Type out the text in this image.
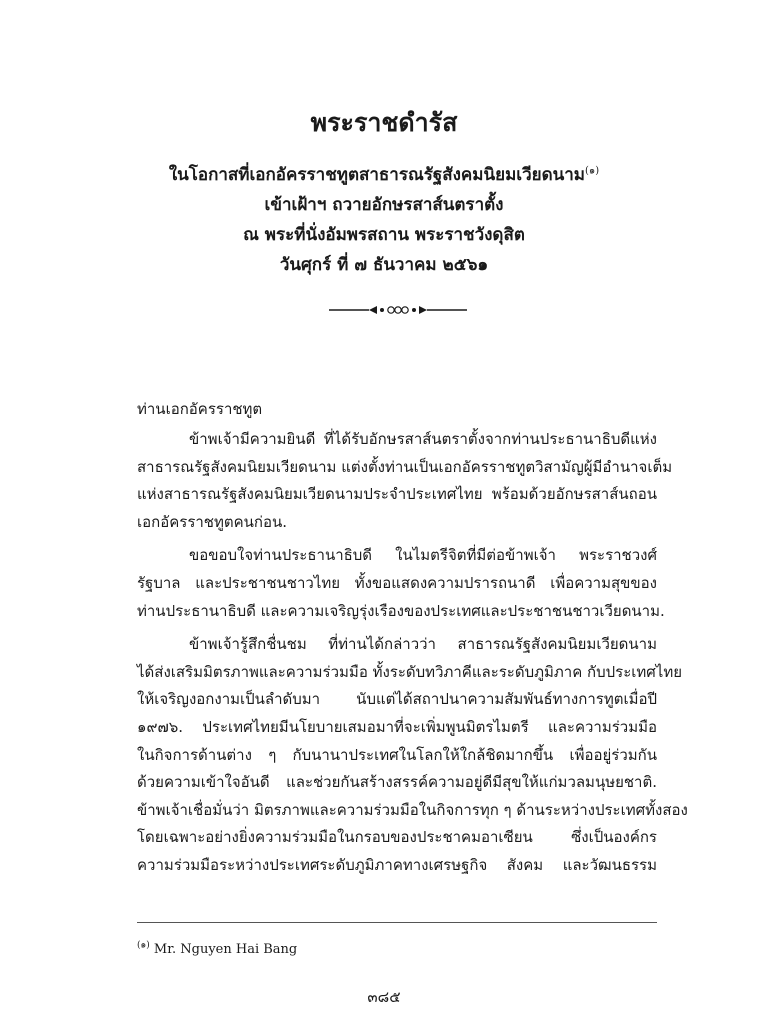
พระราชดำรัส
ในโอกาสที่เอกอัครราชทูตสาธารณรัฐสังคมนิยมเวียดนาม$^{(๑)}$
เข้าเฝ้าฯ ถวายอักษรสาส์นตราตั้ง
ณ พระที่นั่งอัมพรสถาน พระราชวังดุสิต
วันศุกร์ ที่ ๗ ธันวาคม ๒๕๖๑
ท่านเอกอัครราชทูต
ข้าพเจ้ามีความยินดี ที่ได้รับอักษรสาส์นตราตั้งจากท่านประธานาธิบดีแห่ง
สาธารณรัฐสังคมนิยมเวียดนาม แต่งตั้งท่านเป็นเอกอัครราชทูตวิสามัญผู้มีอำนาจเต็ม
แห่งสาธารณรัฐสังคมนิยมเวียดนามประจำประเทศไทย พร้อมด้วยอักษรสาส์นถอน
เอกอัครราชทูตคนก่อน.
ขอขอบใจท่านประธานาธิบดี ในไมตรีจิตที่มีต่อข้าพเจ้า พระราชวงศ์
รัฐบาล และประชาชนชาวไทย ทั้งขอแสดงความปรารถนาดี เพื่อความสุขของ
ท่านประธานาธิบดี และความเจริญรุ่งเรืองของประเทศและประชาชนชาวเวียดนาม.
ข้าพเจ้ารู้สึกชื่นชม ที่ท่านได้กล่าวว่า สาธารณรัฐสังคมนิยมเวียดนาม
ได้ส่งเสริมมิตรภาพและความร่วมมือ ทั้งระดับทวิภาคีและระดับภูมิภาค กับประเทศไทย
ให้เจริญงอกงามเป็นลำดับมา นับแต่ได้สถาปนาความสัมพันธ์ทางการทูตเมื่อปี
๑๙๗๖. ประเทศไทยมีนโยบายเสมอมาที่จะเพิ่มพูนมิตรไมตรี และความร่วมมือ
ในกิจการด้านต่าง ๆ กับนานาประเทศในโลกให้ใกล้ชิดมากขึ้น เพื่ออยู่ร่วมกัน
ด้วยความเข้าใจอันดี และช่วยกันสร้างสรรค์ความอยู่ดีมีสุขให้แก่มวลมนุษยชาติ.
ข้าพเจ้าเชื่อมั่นว่า มิตรภาพและความร่วมมือในกิจการทุก ๆ ด้านระหว่างประเทศทั้งสอง
โดยเฉพาะอย่างยิ่งความร่วมมือในกรอบของประชาคมอาเซียน ซึ่งเป็นองค์กร
ความร่วมมือระหว่างประเทศระดับภูมิภาคทางเศรษฐกิจ สังคม และวัฒนธรรม
$^{(๑)}$ Mr. Nguyen Hai Bang
๓๘๕
